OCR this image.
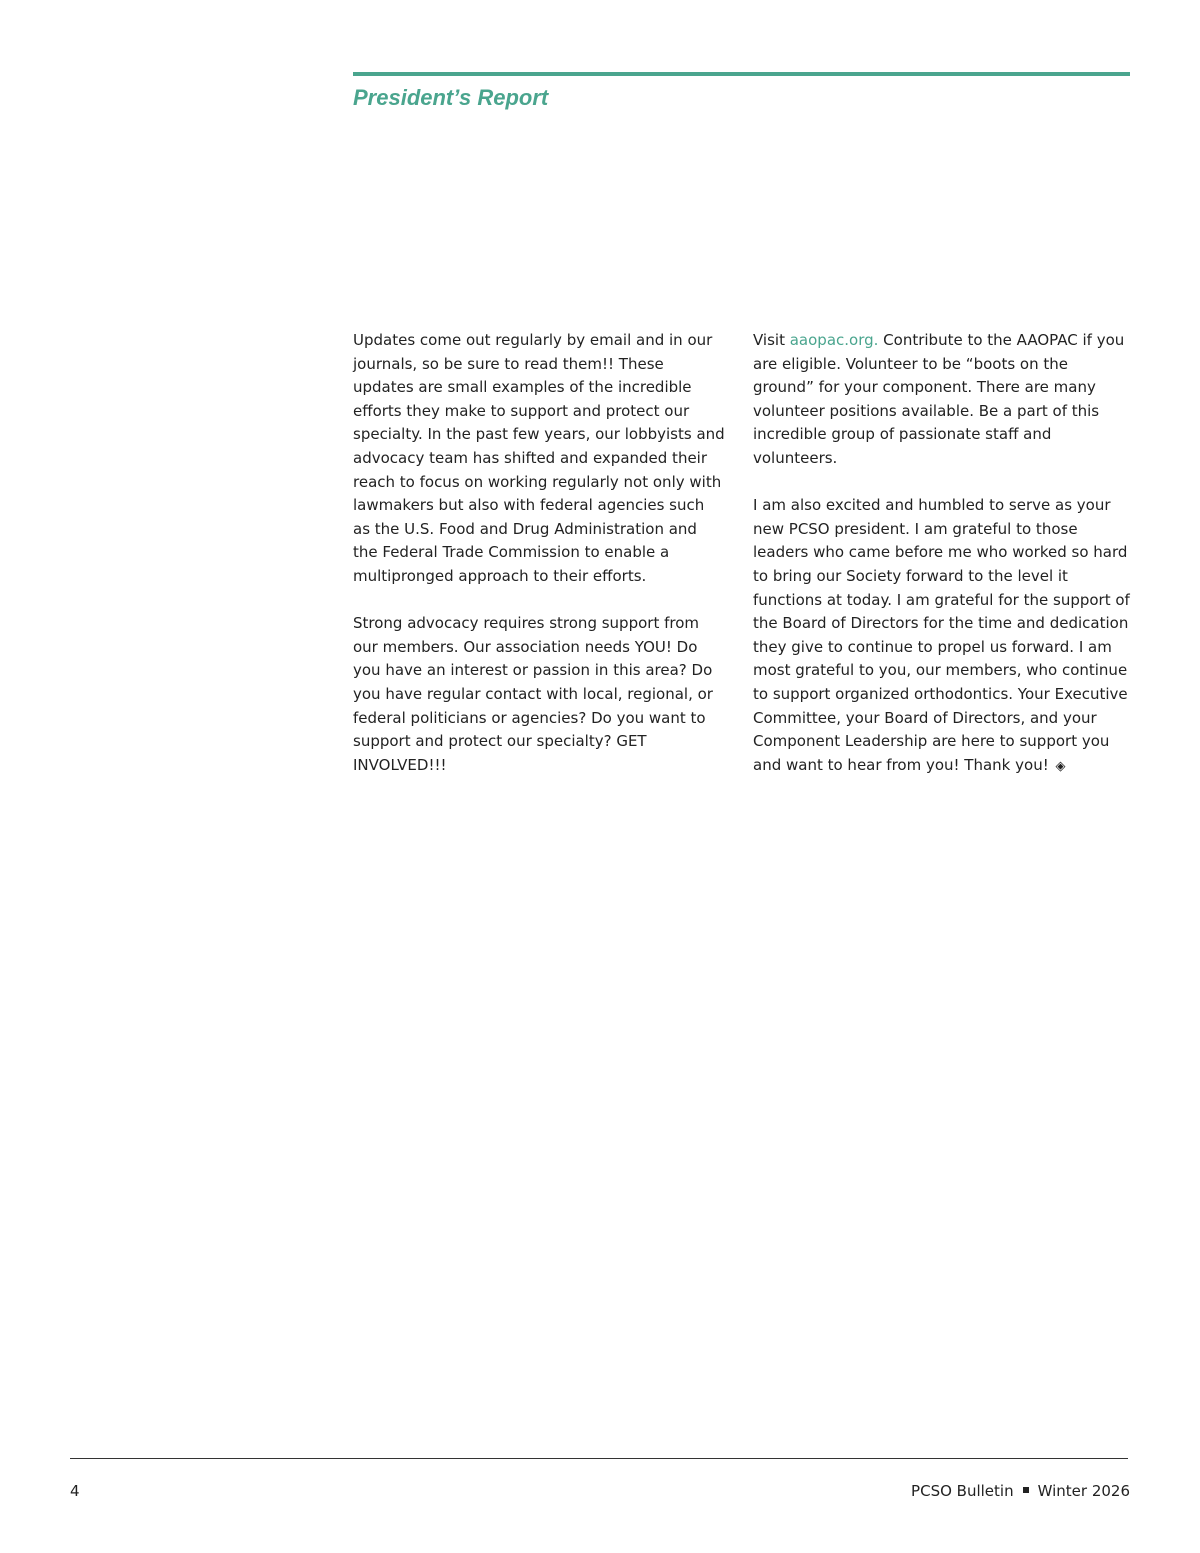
President’s Report

Updates come out regularly by email and in our journals, so be sure to read them!! These updates are small examples of the incredible efforts they make to support and protect our specialty. In the past few years, our lobbyists and advocacy team has shifted and expanded their reach to focus on working regularly not only with lawmakers but also with federal agencies such as the U.S. Food and Drug Administration and the Federal Trade Commission to enable a multipronged approach to their efforts.

Strong advocacy requires strong support from our members. Our association needs YOU! Do you have an interest or passion in this area? Do you have regular contact with local, regional, or federal politicians or agencies? Do you want to support and protect our specialty? GET INVOLVED!!!

Visit aaopac.org. Contribute to the AAOPAC if you are eligible. Volunteer to be “boots on the ground” for your component. There are many volunteer positions available. Be a part of this incredible group of passionate staff and volunteers.

I am also excited and humbled to serve as your new PCSO president. I am grateful to those leaders who came before me who worked so hard to bring our Society forward to the level it functions at today. I am grateful for the support of the Board of Directors for the time and dedication they give to continue to propel us forward. I am most grateful to you, our members, who continue to support organized orthodontics. Your Executive Committee, your Board of Directors, and your Component Leadership are here to support you and want to hear from you! Thank you! ◈

4	PCSO Bulletin Winter 2026
